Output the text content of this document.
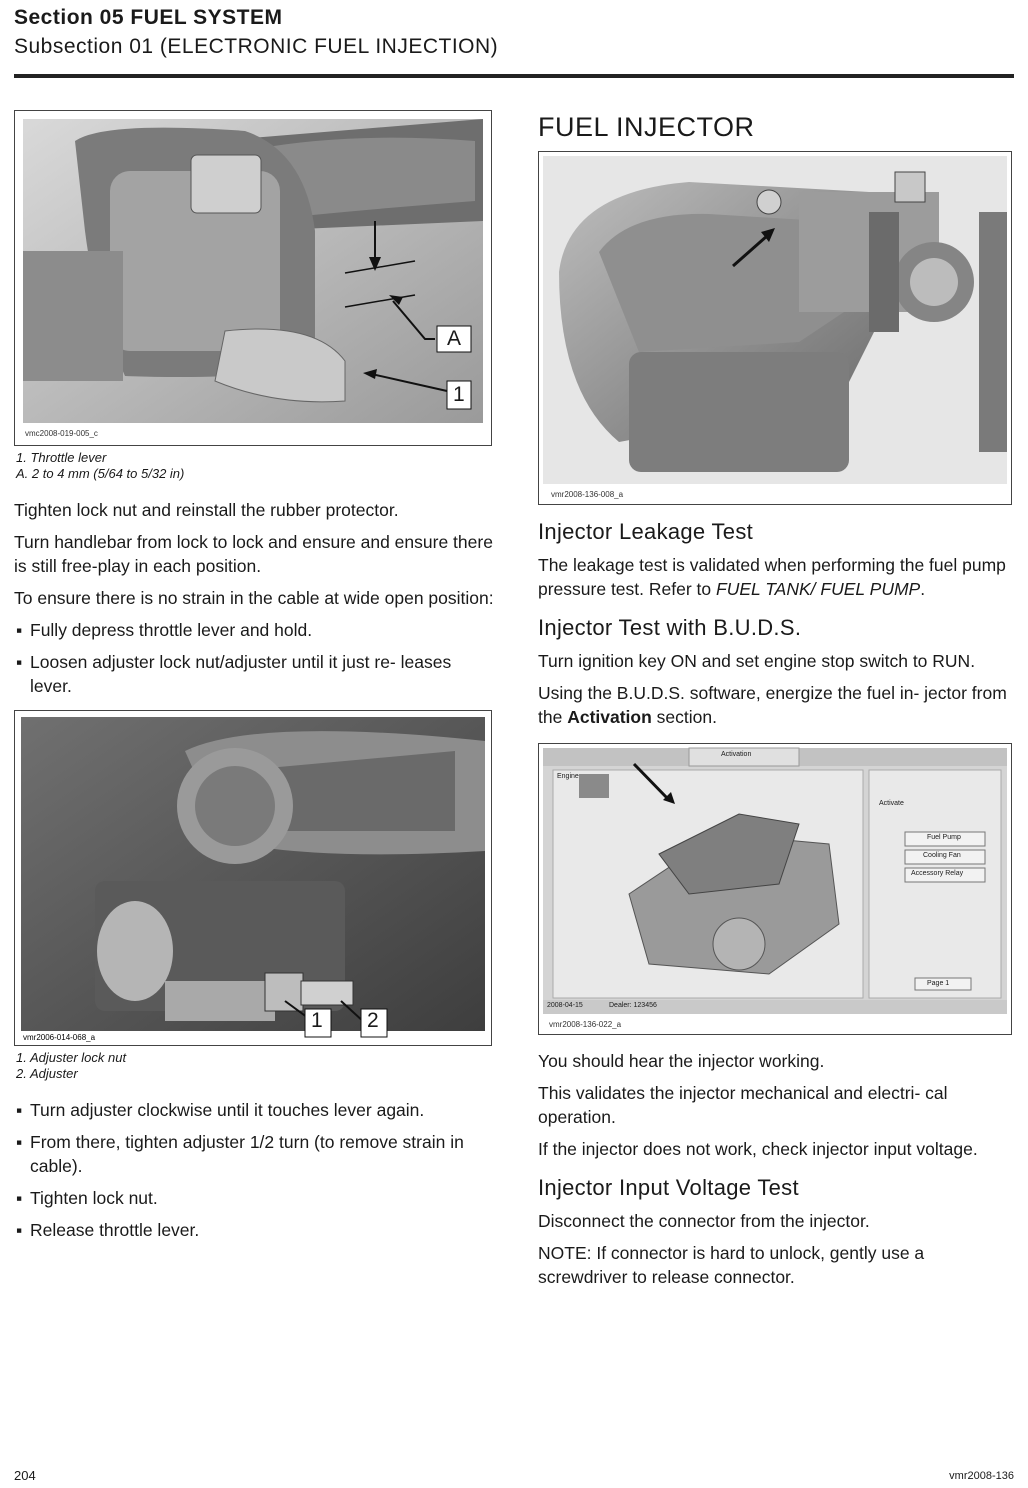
Section 05 FUEL SYSTEM
Subsection 01 (ELECTRONIC FUEL INJECTION)
A
1
vmc2008-019-005_c
1. Throttle lever
A. 2 to 4 mm (5/64 to 5/32 in)

Tighten lock nut and reinstall the rubber protector.

Turn handlebar from lock to lock and ensure and ensure there is still free-play in each position.

To ensure there is no strain in the cable at wide open position:

▪ Fully depress throttle lever and hold.
▪ Loosen adjuster lock nut/adjuster until it just re- leases lever.
1 2
vmr2006-014-068_a
1. Adjuster lock nut
2. Adjuster
▪ Turn adjuster clockwise until it touches lever again.
▪ From there, tighten adjuster 1/2 turn (to remove strain in cable).
▪ Tighten lock nut.
▪ Release throttle lever.
FUEL INJECTOR
vmr2008-136-008_a
Injector Leakage Test

The leakage test is validated when performing the fuel pump pressure test. Refer to FUEL TANK/ FUEL PUMP.

Injector Test with B.U.D.S.

Turn ignition key ON and set engine stop switch to RUN.

Using the B.U.D.S. software, energize the fuel in- jector from the Activation section.

Activation
Engine
Activate
Fuel Pump
Cooling Fan
Accessory Relay
Page 1
2008-04-15	Dealer: 123456
vmr2008-136-022_a

You should hear the injector working.

This validates the injector mechanical and electri- cal operation.

If the injector does not work, check injector input voltage.

Injector Input Voltage Test

Disconnect the connector from the injector.

NOTE: If connector is hard to unlock, gently use a screwdriver to release connector.

204	vmr2008-136
